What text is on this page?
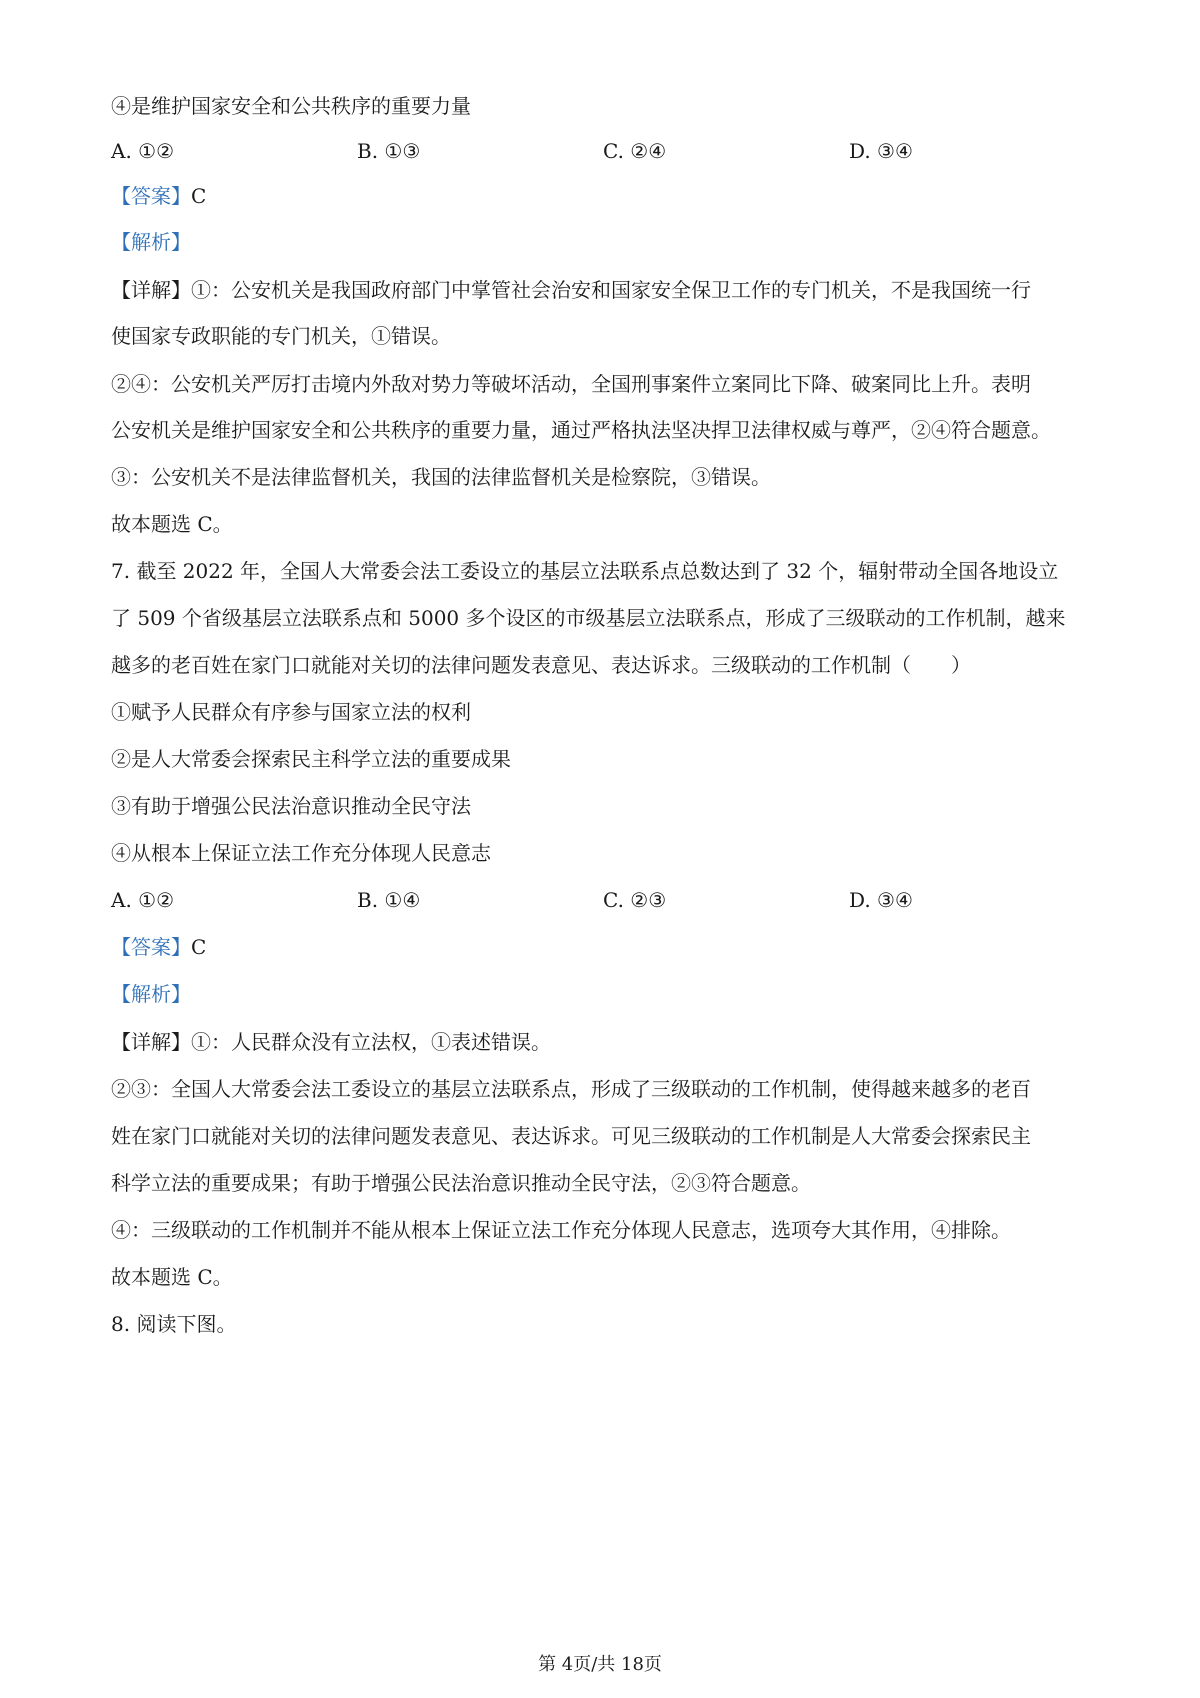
④是维护国家安全和公共秩序的重要力量
A. ①②	B. ①③	C. ②④	D. ③④
【答案】C
【解析】
【详解】①：公安机关是我国政府部门中掌管社会治安和国家安全保卫工作的专门机关，不是我国统一行
使国家专政职能的专门机关，①错误。
②④：公安机关严厉打击境内外敌对势力等破坏活动，全国刑事案件立案同比下降、破案同比上升。表明
公安机关是维护国家安全和公共秩序的重要力量，通过严格执法坚决捍卫法律权威与尊严，②④符合题意。
③：公安机关不是法律监督机关，我国的法律监督机关是检察院，③错误。
故本题选 C。
7. 截至 2022 年，全国人大常委会法工委设立的基层立法联系点总数达到了 32 个，辐射带动全国各地设立
了 509 个省级基层立法联系点和 5000 多个设区的市级基层立法联系点，形成了三级联动的工作机制，越来
越多的老百姓在家门口就能对关切的法律问题发表意见、表达诉求。三级联动的工作机制（　　）
①赋予人民群众有序参与国家立法的权利
②是人大常委会探索民主科学立法的重要成果
③有助于增强公民法治意识推动全民守法
④从根本上保证立法工作充分体现人民意志
A. ①②	B. ①④	C. ②③	D. ③④
【答案】C
【解析】
【详解】①：人民群众没有立法权，①表述错误。
②③：全国人大常委会法工委设立的基层立法联系点，形成了三级联动的工作机制，使得越来越多的老百
姓在家门口就能对关切的法律问题发表意见、表达诉求。可见三级联动的工作机制是人大常委会探索民主
科学立法的重要成果；有助于增强公民法治意识推动全民守法，②③符合题意。
④：三级联动的工作机制并不能从根本上保证立法工作充分体现人民意志，选项夸大其作用，④排除。
故本题选 C。
8. 阅读下图。
第 4页/共 18页
